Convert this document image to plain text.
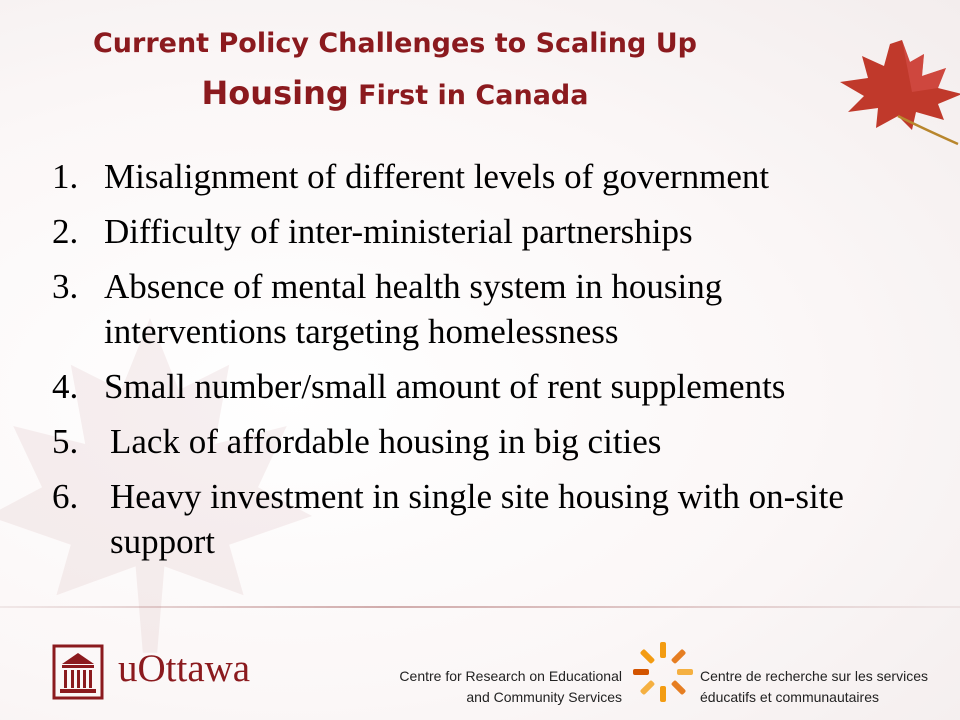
Current Policy Challenges to Scaling Up
Housing First in Canada
1. Misalignment of different levels of government
2. Difficulty of inter-ministerial partnerships
3. Absence of mental health system in housing interventions targeting homelessness
4. Small number/small amount of rent supplements
5. Lack of affordable housing in big cities
6. Heavy investment in single site housing with on-site support
uOttawa	Centre for Research on Educational
and Community Services
Centre de recherche sur les services
éducatifs et communautaires
